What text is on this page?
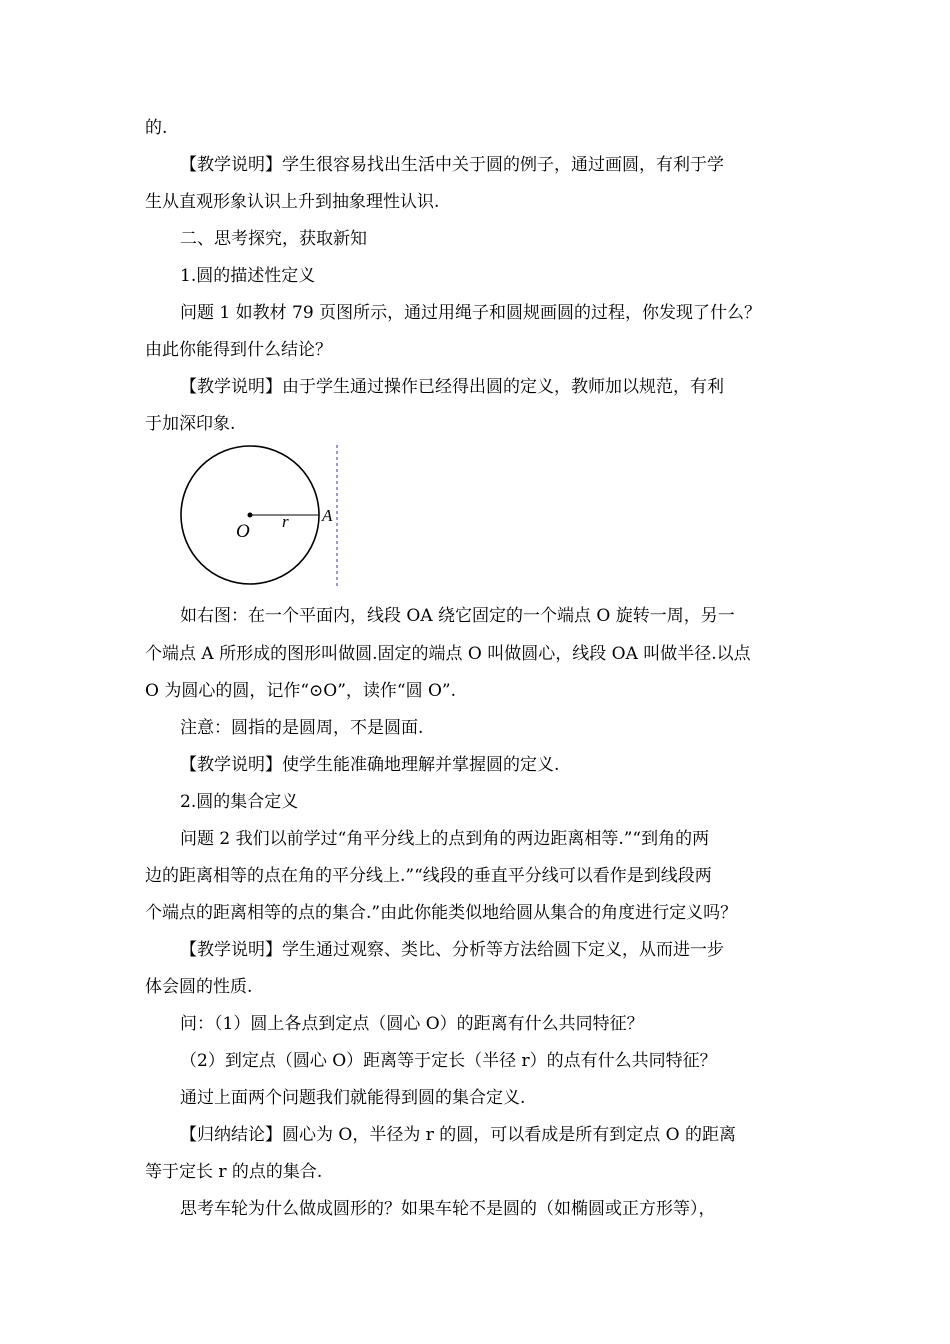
的.
【教学说明】学生很容易找出生活中关于圆的例子，通过画圆，有利于学
生从直观形象认识上升到抽象理性认识.
二、思考探究，获取新知
1.圆的描述性定义
问题 1 如教材 79 页图所示，通过用绳子和圆规画圆的过程，你发现了什么？
由此你能得到什么结论？
【教学说明】由于学生通过操作已经得出圆的定义，教师加以规范，有利
于加深印象.
O r A
如右图：在一个平面内，线段 OA 绕它固定的一个端点 O 旋转一周，另一
个端点 A 所形成的图形叫做圆.固定的端点 O 叫做圆心，线段 OA 叫做半径.以点
O 为圆心的圆，记作“⊙O”，读作“圆 O”.
注意：圆指的是圆周，不是圆面.
【教学说明】使学生能准确地理解并掌握圆的定义.
2.圆的集合定义
问题 2 我们以前学过“角平分线上的点到角的两边距离相等.”“到角的两
边的距离相等的点在角的平分线上.”“线段的垂直平分线可以看作是到线段两
个端点的距离相等的点的集合.”由此你能类似地给圆从集合的角度进行定义吗？
【教学说明】学生通过观察、类比、分析等方法给圆下定义，从而进一步
体会圆的性质.
问：（1）圆上各点到定点（圆心 O）的距离有什么共同特征？
（2）到定点（圆心 O）距离等于定长（半径 r）的点有什么共同特征？
通过上面两个问题我们就能得到圆的集合定义.
【归纳结论】圆心为 O，半径为 r 的圆，可以看成是所有到定点 O 的距离
等于定长 r 的点的集合.
思考车轮为什么做成圆形的？如果车轮不是圆的（如椭圆或正方形等），
